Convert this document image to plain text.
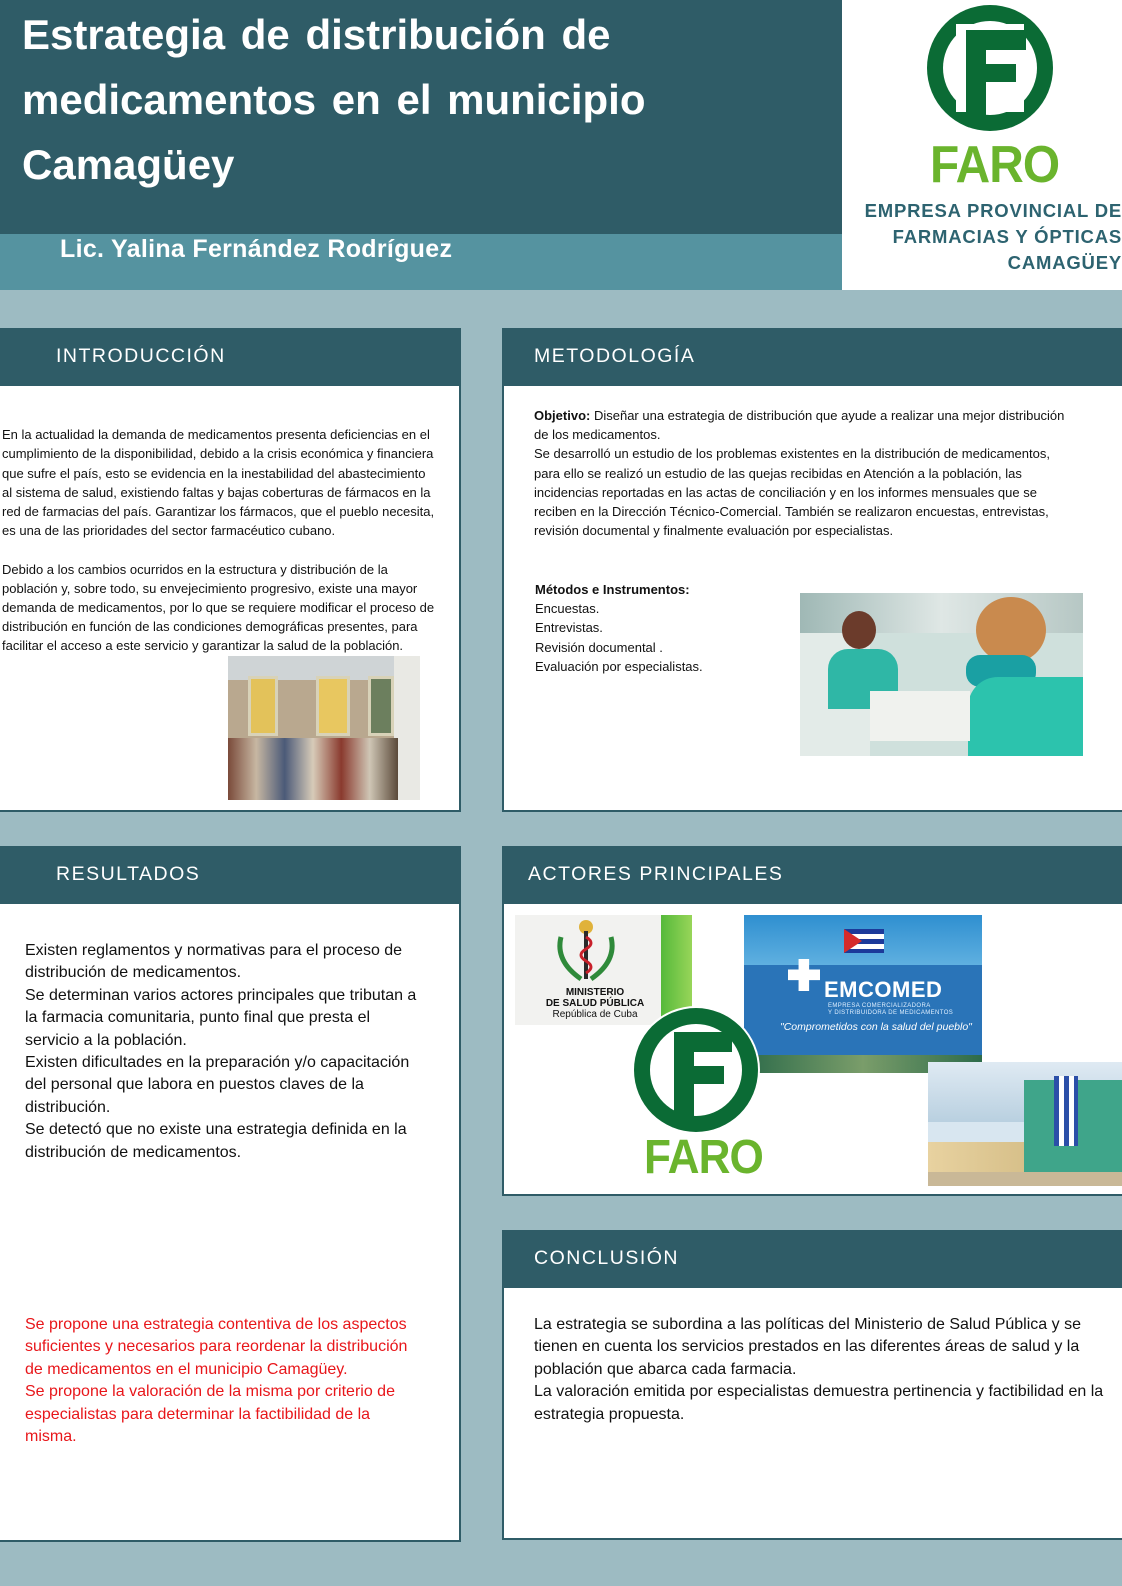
Estrategia de distribución de medicamentos en el municipio Camagüey
Lic. Yalina Fernández Rodríguez
FARO
EMPRESA PROVINCIAL DE
FARMACIAS Y ÓPTICAS
CAMAGÜEY
INTRODUCCIÓN

En la actualidad la demanda de medicamentos presenta deficiencias en el cumplimiento de la disponibilidad, debido a la crisis económica y financiera que sufre el país, esto se evidencia en la inestabilidad del abastecimiento al sistema de salud, existiendo faltas y bajas coberturas de fármacos en la red de farmacias del país. Garantizar los fármacos, que el pueblo necesita, es una de las prioridades del sector farmacéutico cubano.

Debido a los cambios ocurridos en la estructura y distribución de la población y, sobre todo, su envejecimiento progresivo, existe una mayor demanda de medicamentos, por lo que se requiere modificar el proceso de distribución en función de las condiciones demográficas presentes, para facilitar el acceso a este servicio y garantizar la salud de la población.

METODOLOGÍA
Objetivo: Diseñar una estrategia de distribución que ayude a realizar una mejor distribución de los medicamentos.
Se desarrolló un estudio de los problemas existentes en la distribución de medicamentos, para ello se realizó un estudio de las quejas recibidas en Atención a la población, las incidencias reportadas en las actas de conciliación y en los informes mensuales que se reciben en la Dirección Técnico-Comercial. También se realizaron encuestas, entrevistas, revisión documental y finalmente evaluación por especialistas.
Métodos e Instrumentos:
Encuestas.
Entrevistas.
Revisión documental .
Evaluación por especialistas.
RESULTADOS
Existen reglamentos y normativas para el proceso de distribución de medicamentos.
Se determinan varios actores principales que tributan a la farmacia comunitaria, punto final que presta el servicio a la población.
Existen dificultades en la preparación y/o capacitación del personal que labora en puestos claves de la distribución.
Se detectó que no existe una estrategia definida en la distribución de medicamentos.
Se propone una estrategia contentiva de los aspectos suficientes y necesarios para reordenar la distribución de medicamentos en el municipio Camagüey.
Se propone la valoración de la misma por criterio de especialistas para determinar la factibilidad de la misma.
ACTORES PRINCIPALES
MINISTERIO
DE SALUD PÚBLICA
República de Cuba
EMCOMED
EMPRESA COMERCIALIZADORA
Y DISTRIBUIDORA DE MEDICAMENTOS
"Comprometidos con la salud del pueblo"
FARO
CONCLUSIÓN
La estrategia se subordina a las políticas del Ministerio de Salud Pública y se tienen en cuenta los servicios prestados en las diferentes áreas de salud y la población que abarca cada farmacia.
La valoración emitida por especialistas demuestra pertinencia y factibilidad en la estrategia propuesta.
